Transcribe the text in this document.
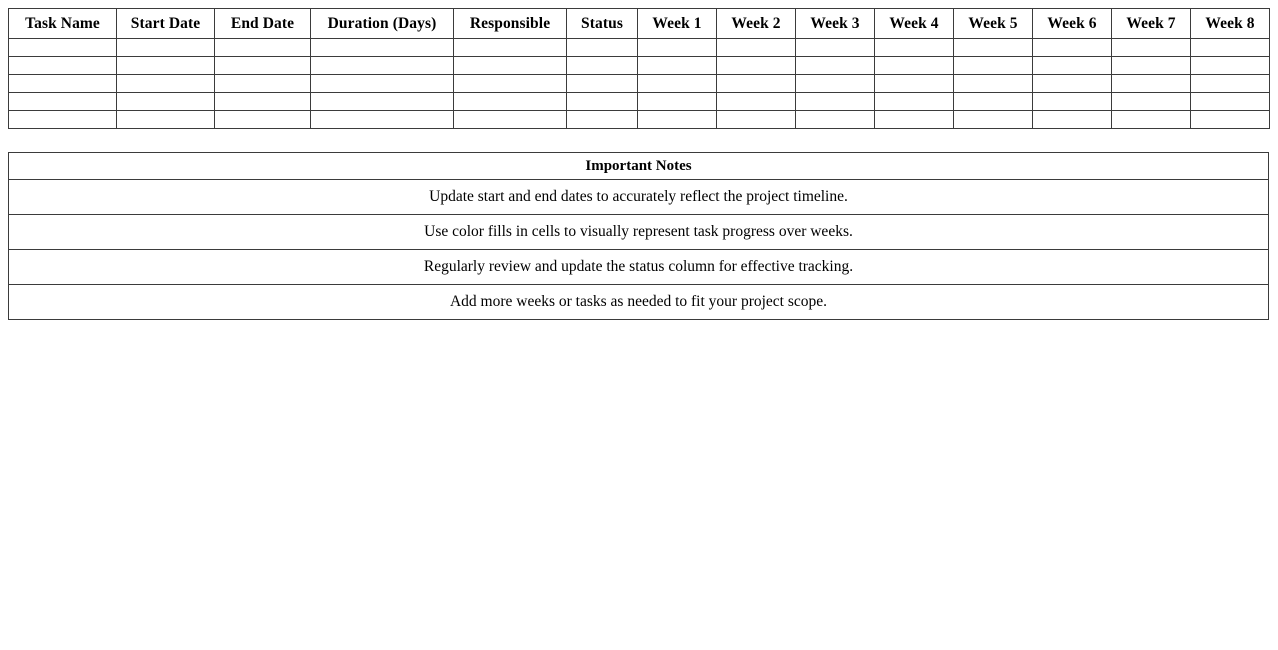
Task Name	Start Date	End Date	Duration (Days)	Responsible	Status	Week 1	Week 2	Week 3	Week 4	Week 5	Week 6	Week 7	Week 8

Important Notes
Update start and end dates to accurately reflect the project timeline.
Use color fills in cells to visually represent task progress over weeks.
Regularly review and update the status column for effective tracking.
Add more weeks or tasks as needed to fit your project scope.
